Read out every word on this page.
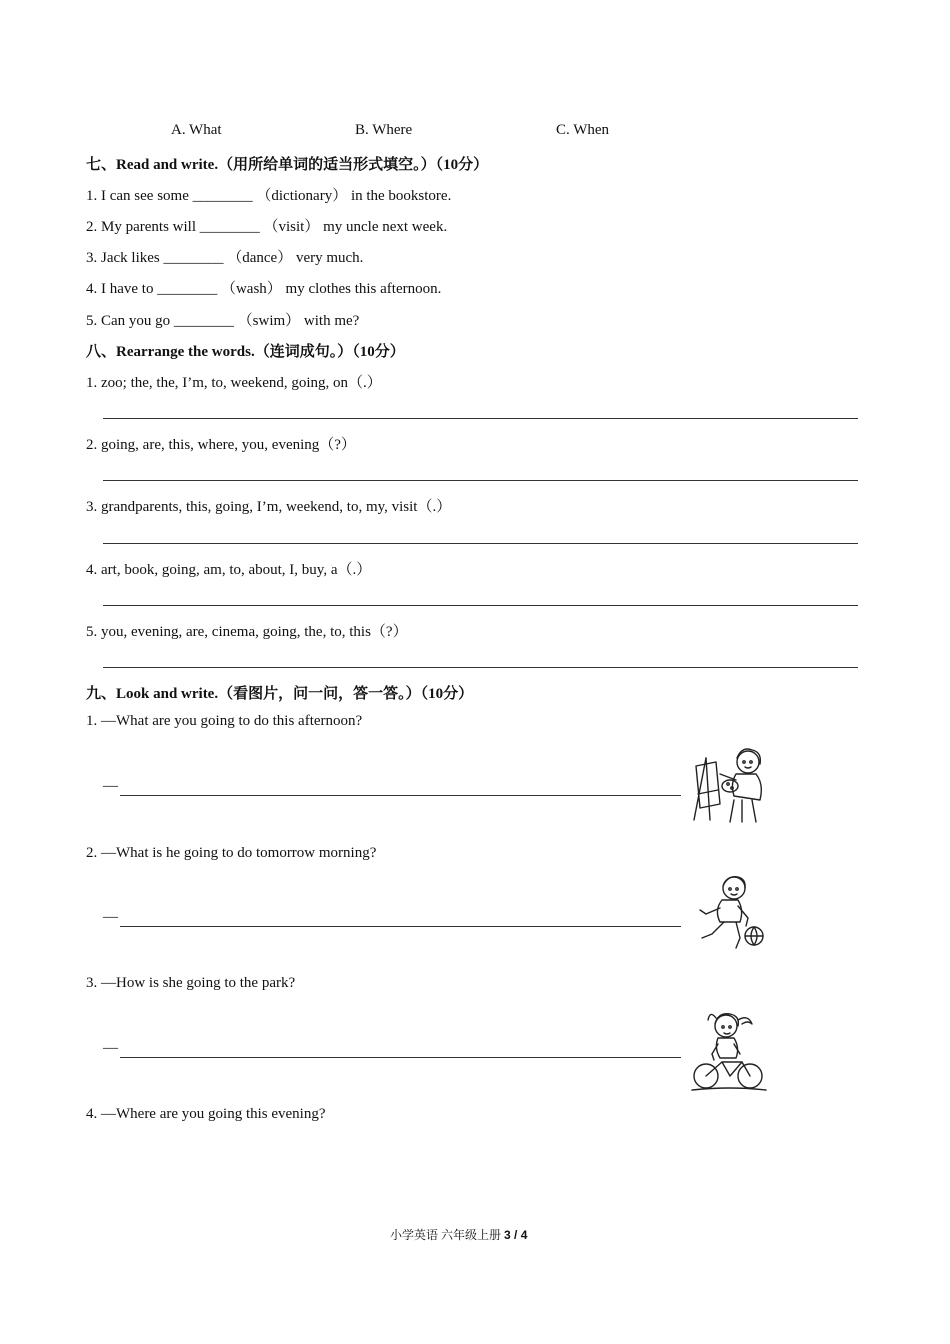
A. What	B. Where	C. When
七、Read and write.（用所给单词的适当形式填空。）（10分）
1. I can see some ________ （dictionary） in the bookstore.
2. My parents will ________ （visit） my uncle next week.
3. Jack likes ________ （dance） very much.
4. I have to ________ （wash） my clothes this afternoon.
5. Can you go ________ （swim） with me?
八、Rearrange the words.（连词成句。）（10分）
1. zoo; the, the, I’m, to, weekend, going, on（.）
2. going, are, this, where, you, evening（?）
3. grandparents, this, going, I’m, weekend, to, my, visit（.）
4. art, book, going, am, to, about, I, buy, a（.）
5. you, evening, are, cinema, going, the, to, this（?）
九、Look and write.（看图片，问一问，答一答。）（10分）
1. —What are you going to do this afternoon?
—
2. —What is he going to do tomorrow morning?
—
3. —How is she going to the park?
—
4. —Where are you going this evening?
小学英语 六年级上册 3 / 4
